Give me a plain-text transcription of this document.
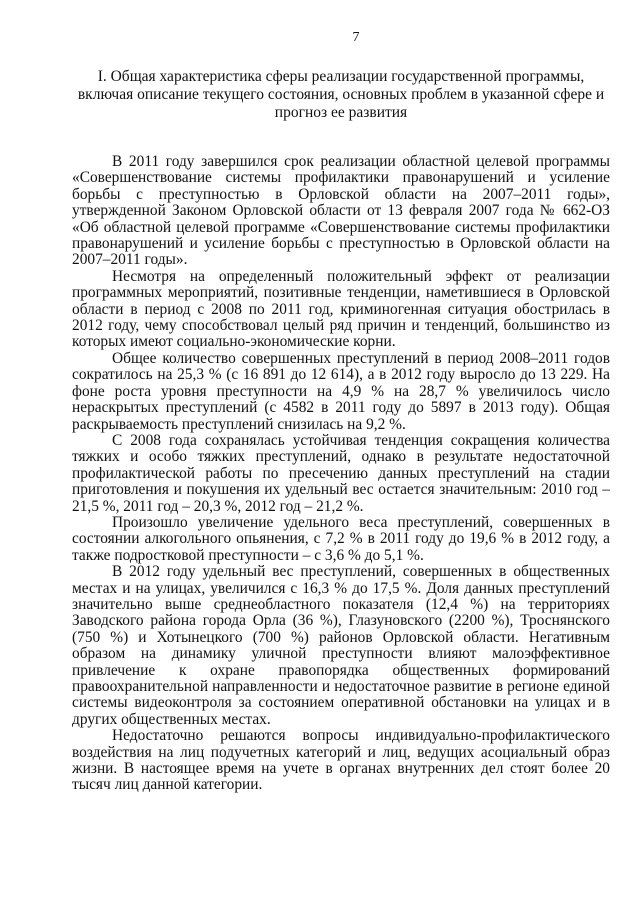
7
I. Общая характеристика сферы реализации государственной программы, включая описание текущего состояния, основных проблем в указанной сфере и прогноз ее развития

В 2011 году завершился срок реализации областной целевой программы «Совершенствование системы профилактики правонарушений и усиление борьбы с преступностью в Орловской области на 2007–2011 годы», утвержденной Законом Орловской области от 13 февраля 2007 года № 662-ОЗ «Об областной целевой программе «Совершенствование системы профилактики правонарушений и усиление борьбы с преступностью в Орловской области на 2007–2011 годы».

Несмотря на определенный положительный эффект от реализации программных мероприятий, позитивные тенденции, наметившиеся в Орловской области в период с 2008 по 2011 год, криминогенная ситуация обострилась в 2012 году, чему способствовал целый ряд причин и тенденций, большинство из которых имеют социально-экономические корни.

Общее количество совершенных преступлений в период 2008–2011 годов сократилось на 25,3 % (с 16 891 до 12 614), а в 2012 году выросло до 13 229. На фоне роста уровня преступности на 4,9 % на 28,7 % увеличилось число нераскрытых преступлений (с 4582 в 2011 году до 5897 в 2013 году). Общая раскрываемость преступлений снизилась на 9,2 %.

С 2008 года сохранялась устойчивая тенденция сокращения количества тяжких и особо тяжких преступлений, однако в результате недостаточной профилактической работы по пресечению данных преступлений на стадии приготовления и покушения их удельный вес остается значительным: 2010 год – 21,5 %, 2011 год – 20,3 %, 2012 год – 21,2 %.

Произошло увеличение удельного веса преступлений, совершенных в состоянии алкогольного опьянения, с 7,2 % в 2011 году до 19,6 % в 2012 году, а также подростковой преступности – с 3,6 % до 5,1 %.

В 2012 году удельный вес преступлений, совершенных в общественных местах и на улицах, увеличился с 16,3 % до 17,5 %. Доля данных преступлений значительно выше среднеобластного показателя (12,4 %) на территориях Заводского района города Орла (36 %), Глазуновского (2200 %), Троснянского (750 %) и Хотынецкого (700 %) районов Орловской области. Негативным образом на динамику уличной преступности влияют малоэффективное привлечение к охране правопорядка общественных формирований правоохранительной направленности и недостаточное развитие в регионе единой системы видеоконтроля за состоянием оперативной обстановки на улицах и в других общественных местах.

Недостаточно решаются вопросы индивидуально-профилактического воздействия на лиц подучетных категорий и лиц, ведущих асоциальный образ жизни. В настоящее время на учете в органах внутренних дел стоят более 20 тысяч лиц данной категории.
